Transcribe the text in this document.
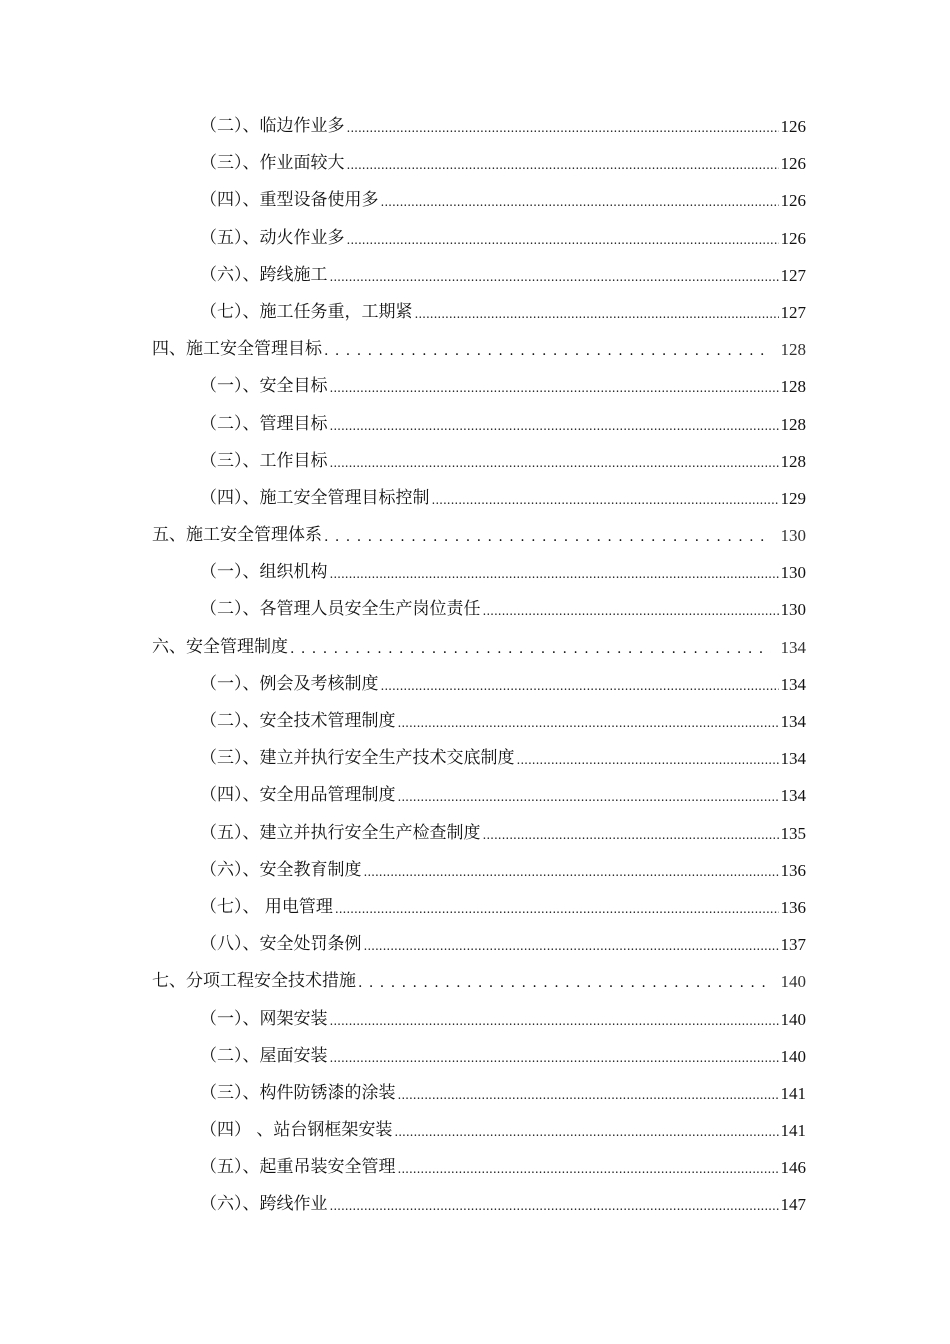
（二）、临边作业多 .....	126
（三）、作业面较大 .....	126
（四）、重型设备使用多 .....	126
（五）、动火作业多 .....	126
（六）、跨线施工 .....	127
（七）、施工任务重，工期紧 .....	127
四、施工安全管理目标 . . .	128
（一）、安全目标 .....	128
（二）、管理目标 .....	128
（三）、工作目标 .....	128
（四）、施工安全管理目标控制 .....	129
五、施工安全管理体系 . . .	130
（一）、组织机构 .....	130
（二）、各管理人员安全生产岗位责任 .....	130
六、安全管理制度 . . .	134
（一）、例会及考核制度 .....	134
（二）、安全技术管理制度 .....	134
（三）、建立并执行安全生产技术交底制度 .....	134
（四）、安全用品管理制度 .....	134
（五）、建立并执行安全生产检查制度 .....	135
（六）、安全教育制度 .....	136
（七）、 用电管理 .....	136
（八）、安全处罚条例 .....	137
七、分项工程安全技术措施 . . .	140
（一）、网架安装 .....	140
（二）、屋面安装 .....	140
（三）、构件防锈漆的涂装 .....	141
（四） 、站台钢框架安装 .....	141
（五）、起重吊装安全管理 .....	146
（六）、跨线作业 .....	147
